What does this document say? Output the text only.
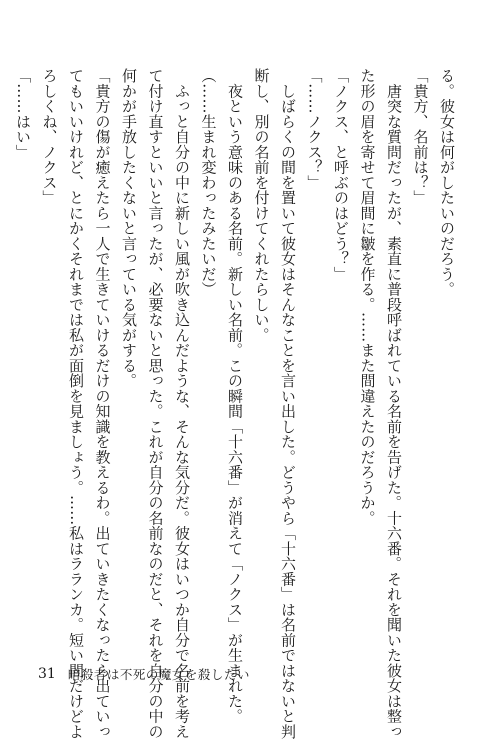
る。彼女は何がしたいのだろう。
「貴方、名前は？」
　唐突な質問だったが、素直に普段呼ばれている名前を告げた。十六番。それを聞いた彼女は整っ
た形の眉を寄せて眉間に皺を作る。……また間違えたのだろうか。
「ノクス、と呼ぶのはどう？」
「……ノクス？」
　しばらくの間を置いて彼女はそんなことを言い出した。どうやら「十六番」は名前ではないと判
断し、別の名前を付けてくれたらしい。
　夜という意味のある名前。新しい名前。この瞬間「十六番」が消えて「ノクス」が生まれた。
（……生まれ変わったみたいだ）
　ふっと自分の中に新しい風が吹き込んだような、そんな気分だ。彼女はいつか自分で名前を考え
て付け直すといいと言ったが、必要ないと思った。これが自分の名前なのだと、それを自分の中の
何かが手放したくないと言っている気がする。
「貴方の傷が癒えたら一人で生きていけるだけの知識を教えるわ。出ていきたくなったら出ていっ
てもいいけれど、とにかくそれまでは私が面倒を見ましょう。……私はラランカ。短い間だけどよ
ろしくね、ノクス」
「……はい」
31 暗殺者は不死の魔女を殺したい
